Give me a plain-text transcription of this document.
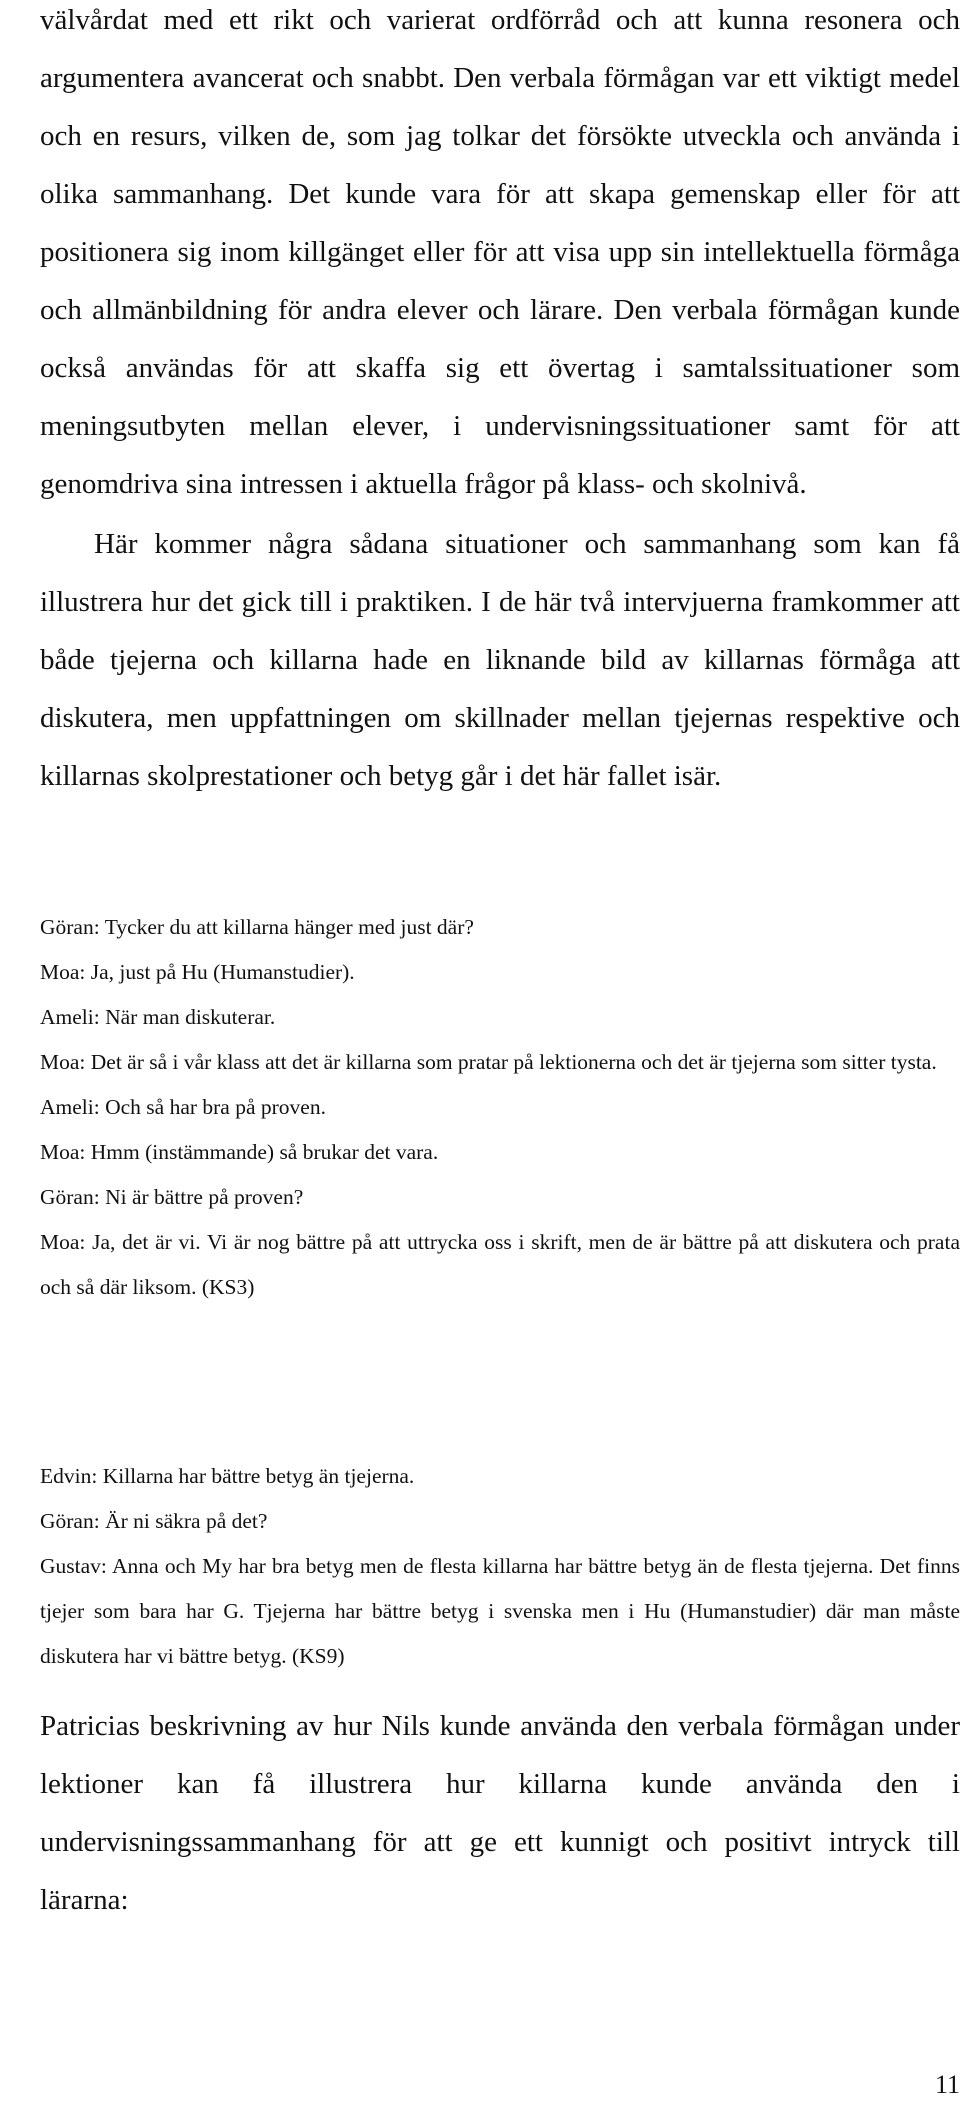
välvårdat med ett rikt och varierat ordförråd och att kunna resonera och argumentera avancerat och snabbt. Den verbala förmågan var ett viktigt medel och en resurs, vilken de, som jag tolkar det försökte utveckla och använda i olika sammanhang. Det kunde vara för att skapa gemenskap eller för att positionera sig inom killgänget eller för att visa upp sin intellektuella förmåga och allmänbildning för andra elever och lärare. Den verbala förmågan kunde också användas för att skaffa sig ett övertag i samtalssituationer som meningsutbyten mellan elever, i undervisningssituationer samt för att genomdriva sina intressen i aktuella frågor på klass- och skolnivå.

Här kommer några sådana situationer och sammanhang som kan få illustrera hur det gick till i praktiken. I de här två intervjuerna framkommer att både tjejerna och killarna hade en liknande bild av killarnas förmåga att diskutera, men uppfattningen om skillnader mellan tjejernas respektive och killarnas skolprestationer och betyg går i det här fallet isär.

Göran: Tycker du att killarna hänger med just där?

Moa: Ja, just på Hu (Humanstudier).

Ameli: När man diskuterar.

Moa: Det är så i vår klass att det är killarna som pratar på lektionerna och det är tjejerna som sitter tysta.

Ameli: Och så har bra på proven.

Moa: Hmm (instämmande) så brukar det vara.

Göran: Ni är bättre på proven?

Moa: Ja, det är vi. Vi är nog bättre på att uttrycka oss i skrift, men de är bättre på att diskutera och prata och så där liksom. (KS3)

Edvin: Killarna har bättre betyg än tjejerna.

Göran: Är ni säkra på det?

Gustav: Anna och My har bra betyg men de flesta killarna har bättre betyg än de flesta tjejerna. Det finns tjejer som bara har G. Tjejerna har bättre betyg i svenska men i Hu (Humanstudier) där man måste diskutera har vi bättre betyg. (KS9)

Patricias beskrivning av hur Nils kunde använda den verbala förmågan under lektioner kan få illustrera hur killarna kunde använda den i undervisningssammanhang för att ge ett kunnigt och positivt intryck till lärarna:

11
